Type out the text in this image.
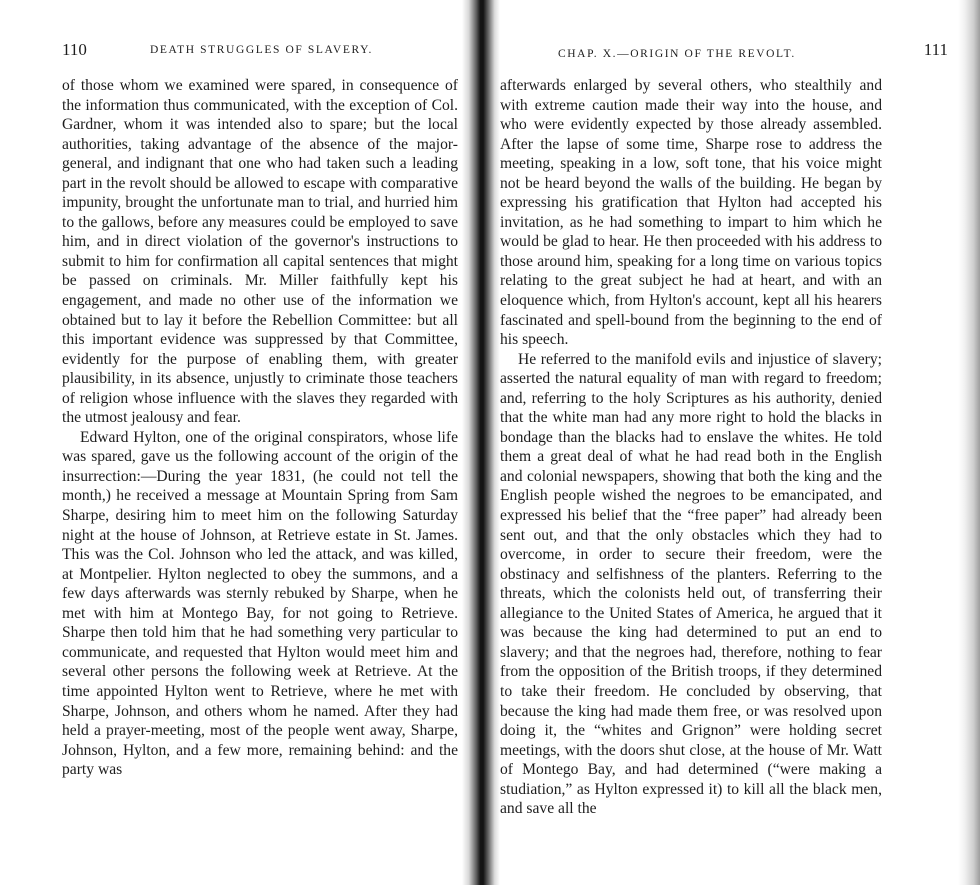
110	DEATH STRUGGLES OF SLAVERY.

of those whom we examined were spared, in consequence of the information thus communicated, with the exception of Col. Gardner, whom it was intended also to spare; but the local authorities, taking advantage of the absence of the major-general, and indignant that one who had taken such a leading part in the revolt should be allowed to escape with comparative impunity, brought the unfortunate man to trial, and hurried him to the gallows, before any measures could be employed to save him, and in direct violation of the governor's instructions to submit to him for confirmation all capital sentences that might be passed on criminals. Mr. Miller faithfully kept his engagement, and made no other use of the information we obtained but to lay it before the Rebellion Committee: but all this important evidence was suppressed by that Committee, evidently for the purpose of enabling them, with greater plausibility, in its absence, unjustly to criminate those teachers of religion whose influence with the slaves they regarded with the utmost jealousy and fear.

Edward Hylton, one of the original conspirators, whose life was spared, gave us the following account of the origin of the insurrection:—During the year 1831, (he could not tell the month,) he received a message at Mountain Spring from Sam Sharpe, desiring him to meet him on the following Saturday night at the house of Johnson, at Retrieve estate in St. James. This was the Col. Johnson who led the attack, and was killed, at Montpelier. Hylton neglected to obey the summons, and a few days afterwards was sternly rebuked by Sharpe, when he met with him at Montego Bay, for not going to Retrieve. Sharpe then told him that he had something very particular to communicate, and requested that Hylton would meet him and several other persons the following week at Retrieve. At the time appointed Hylton went to Retrieve, where he met with Sharpe, Johnson, and others whom he named. After they had held a prayer-meeting, most of the people went away, Sharpe, Johnson, Hylton, and a few more, remaining behind: and the party was

CHAP. X.—ORIGIN OF THE REVOLT.	111

afterwards enlarged by several others, who stealthily and with extreme caution made their way into the house, and who were evidently expected by those already assembled. After the lapse of some time, Sharpe rose to address the meeting, speaking in a low, soft tone, that his voice might not be heard beyond the walls of the building. He began by expressing his gratification that Hylton had accepted his invitation, as he had something to impart to him which he would be glad to hear. He then proceeded with his address to those around him, speaking for a long time on various topics relating to the great subject he had at heart, and with an eloquence which, from Hylton's account, kept all his hearers fascinated and spell-bound from the beginning to the end of his speech.

He referred to the manifold evils and injustice of slavery; asserted the natural equality of man with regard to freedom; and, referring to the holy Scriptures as his authority, denied that the white man had any more right to hold the blacks in bondage than the blacks had to enslave the whites. He told them a great deal of what he had read both in the English and colonial newspapers, showing that both the king and the English people wished the negroes to be emancipated, and expressed his belief that the “free paper” had already been sent out, and that the only obstacles which they had to overcome, in order to secure their freedom, were the obstinacy and selfishness of the planters. Referring to the threats, which the colonists held out, of transferring their allegiance to the United States of America, he argued that it was because the king had determined to put an end to slavery; and that the negroes had, therefore, nothing to fear from the opposition of the British troops, if they determined to take their freedom. He concluded by observing, that because the king had made them free, or was resolved upon doing it, the “whites and Grignon” were holding secret meetings, with the doors shut close, at the house of Mr. Watt of Montego Bay, and had determined (“were making a studiation,” as Hylton expressed it) to kill all the black men, and save all the
